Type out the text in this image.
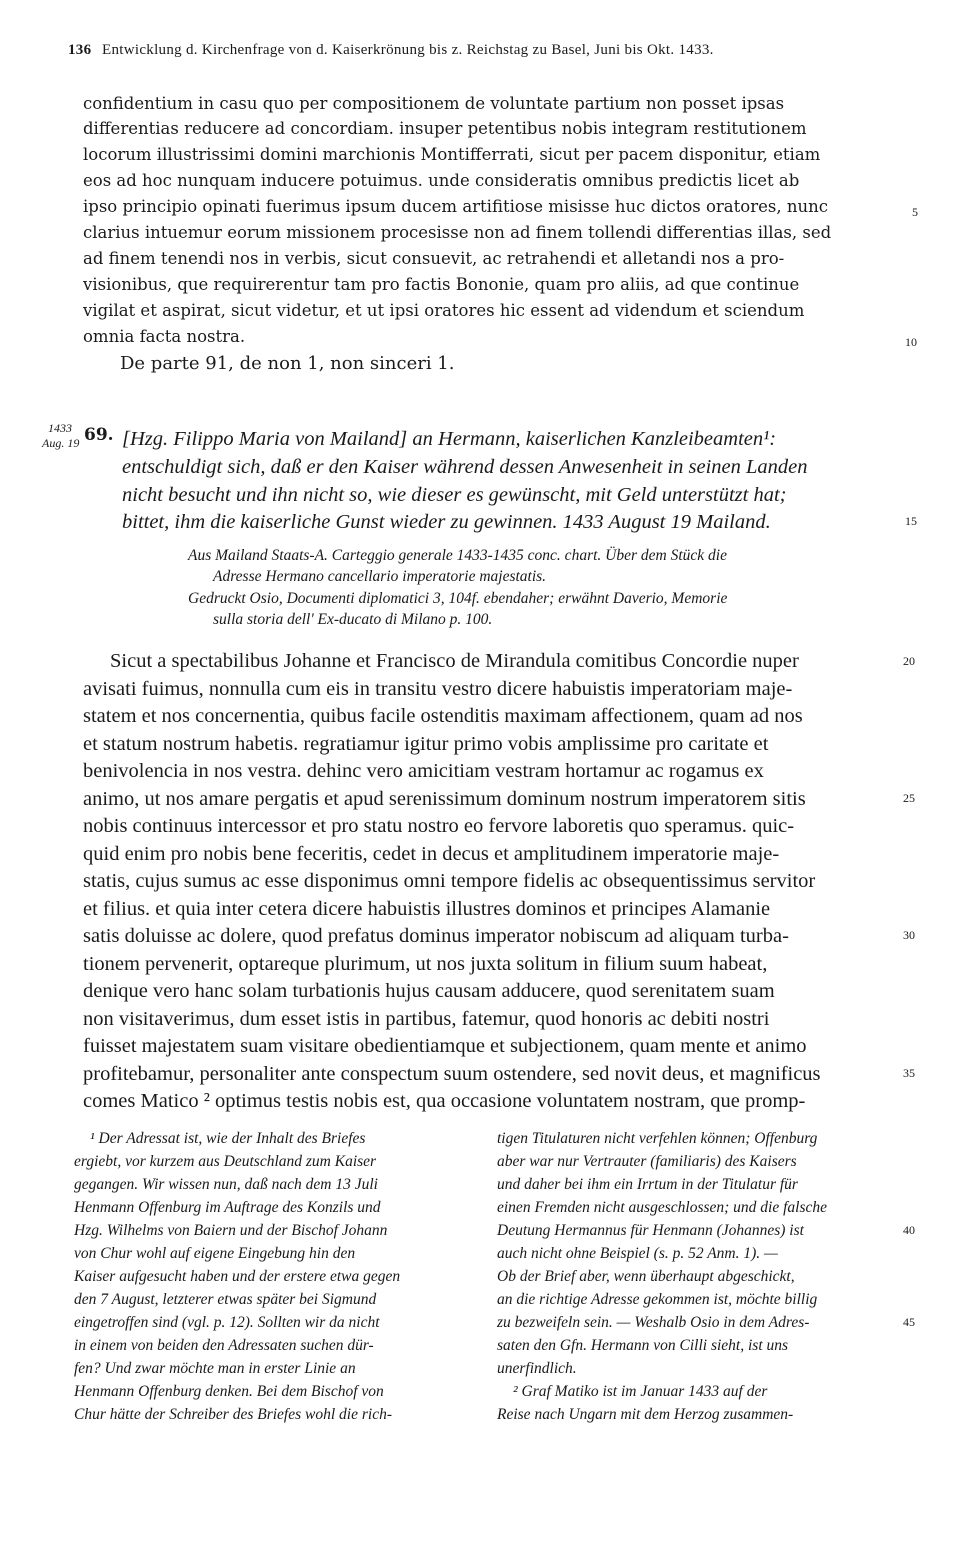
136 Entwicklung d. Kirchenfrage von d. Kaiserkrönung bis z. Reichstag zu Basel, Juni bis Okt. 1433.
confidentium in casu quo per compositionem de voluntate partium non posset ipsas
differentias reducere ad concordiam. insuper petentibus nobis integram restitutionem
locorum illustrissimi domini marchionis Montifferrati, sicut per pacem disponitur, etiam
eos ad hoc nunquam inducere potuimus. unde consideratis omnibus predictis licet ab
ipso principio opinati fuerimus ipsum ducem artifitiose misisse huc dictos oratores, nunc
clarius intuemur eorum missionem procesisse non ad finem tollendi differentias illas, sed
ad finem tenendi nos in verbis, sicut consuevit, ac retrahendi et alletandi nos a pro-
visionibus, que requirerentur tam pro factis Bononie, quam pro aliis, ad que continue
vigilat et aspirat, sicut videtur, et ut ipsi oratores hic essent ad videndum et sciendum
omnia facta nostra.
De parte 91, de non 1, non sinceri 1.
1433
Aug. 19 69. [Hzg. Filippo Maria von Mailand] an Hermann, kaiserlichen Kanzleibeamten¹:
entschuldigt sich, daß er den Kaiser während dessen Anwesenheit in seinen Landen
nicht besucht und ihn nicht so, wie dieser es gewünscht, mit Geld unterstützt hat;
bittet, ihm die kaiserliche Gunst wieder zu gewinnen. 1433 August 19 Mailand.
Aus Mailand Staats-A. Carteggio generale 1433-1435 conc. chart. Über dem Stück die
Adresse Hermano cancellario imperatorie majestatis.
Gedruckt Osio, Documenti diplomatici 3, 104f. ebendaher; erwähnt Daverio, Memorie
sulla storia dell' Ex-ducato di Milano p. 100.
Sicut a spectabilibus Johanne et Francisco de Mirandula comitibus Concordie nuper
avisati fuimus, nonnulla cum eis in transitu vestro dicere habuistis imperatoriam maje-
statem et nos concernentia, quibus facile ostenditis maximam affectionem, quam ad nos
et statum nostrum habetis. regratiamur igitur primo vobis amplissime pro caritate et
benivolencia in nos vestra. dehinc vero amicitiam vestram hortamur ac rogamus ex
animo, ut nos amare pergatis et apud serenissimum dominum nostrum imperatorem sitis
nobis continuus intercessor et pro statu nostro eo fervore laboretis quo speramus. quic-
quid enim pro nobis bene feceritis, cedet in decus et amplitudinem imperatorie maje-
statis, cujus sumus ac esse disponimus omni tempore fidelis ac obsequentissimus servitor
et filius. et quia inter cetera dicere habuistis illustres dominos et principes Alamanie
satis doluisse ac dolere, quod prefatus dominus imperator nobiscum ad aliquam turba-
tionem pervenerit, optareque plurimum, ut nos juxta solitum in filium suum habeat,
denique vero hanc solam turbationis hujus causam adducere, quod serenitatem suam
non visitaverimus, dum esset istis in partibus, fatemur, quod honoris ac debiti nostri
fuisset majestatem suam visitare obedientiamque et subjectionem, quam mente et animo
profitebamur, personaliter ante conspectum suum ostendere, sed novit deus, et magnificus
comes Matico ² optimus testis nobis est, qua occasione voluntatem nostram, que promp-
5
10
15
20
25
30
35
40
45
¹ Der Adressat ist, wie der Inhalt des Briefes
ergiebt, vor kurzem aus Deutschland zum Kaiser
gegangen. Wir wissen nun, daß nach dem 13 Juli
Henmann Offenburg im Auftrage des Konzils und
Hzg. Wilhelms von Baiern und der Bischof Johann
von Chur wohl auf eigene Eingebung hin den
Kaiser aufgesucht haben und der erstere etwa gegen
den 7 August, letzterer etwas später bei Sigmund
eingetroffen sind (vgl. p. 12). Sollten wir da nicht
in einem von beiden den Adressaten suchen dür-
fen? Und zwar möchte man in erster Linie an
Henmann Offenburg denken. Bei dem Bischof von
Chur hätte der Schreiber des Briefes wohl die rich-
tigen Titulaturen nicht verfehlen können; Offenburg
aber war nur Vertrauter (familiaris) des Kaisers
und daher bei ihm ein Irrtum in der Titulatur für
einen Fremden nicht ausgeschlossen; und die falsche
Deutung Hermannus für Henmann (Johannes) ist
auch nicht ohne Beispiel (s. p. 52 Anm. 1). —
Ob der Brief aber, wenn überhaupt abgeschickt,
an die richtige Adresse gekommen ist, möchte billig
zu bezweifeln sein. — Weshalb Osio in dem Adres-
saten den Gfn. Hermann von Cilli sieht, ist uns
unerfindlich.
² Graf Matiko ist im Januar 1433 auf der
Reise nach Ungarn mit dem Herzog zusammen-
